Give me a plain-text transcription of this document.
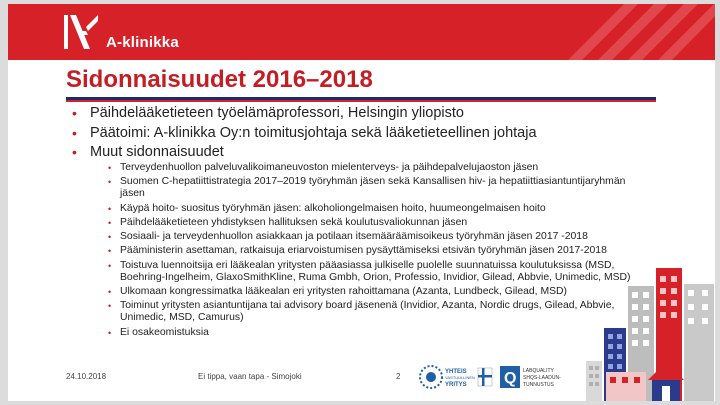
A-klinikka
Sidonnaisuudet 2016–2018
• Päihdelääketieteen työelämäprofessori, Helsingin yliopisto
• Päätoimi: A-klinikka Oy:n toimitusjohtaja sekä lääketieteellinen johtaja
• Muut sidonnaisuudet
• Terveydenhuollon palveluvalikoimaneuvoston mielenterveys- ja päihdepalvelujaoston jäsen
• Suomen C-hepatiittistrategia 2017–2019 työryhmän jäsen sekä Kansallisen hiv- ja hepatiittiasiantuntijaryhmän jäsen
• Käypä hoito- suositus työryhmän jäsen: alkoholiongelmaisen hoito, huumeongelmaisen hoito
• Päihdelääketieteen yhdistyksen hallituksen sekä koulutusvaliokunnan jäsen
• Sosiaali- ja terveydenhuollon asiakkaan ja potilaan itsemääräämisoikeus työryhmän jäsen 2017 -2018
• Pääministerin asettaman, ratkaisuja eriarvoistumisen pysäyttämiseksi etsivän työryhmän jäsen 2017-2018
• Toistuva luennoitsija eri lääkealan yritysten pääasiassa julkiselle puolelle suunnatuissa koulutuksissa (MSD, Boehring-Ingelheim, GlaxoSmithKline, Ruma Gmbh, Orion, Professio, Invidior, Gilead, Abbvie, Unimedic, MSD)
• Ulkomaan kongressimatka lääkealan eri yritysten rahoittamana (Azanta, Lundbeck, Gilead, MSD)
• Toiminut yritysten asiantuntijana tai advisory board jäsenenä (Invidior, Azanta, Nordic drugs, Gilead, Abbvie, Unimedic, MSD, Camurus)
• Ei osakeomistuksia
24.10.2018	Ei tippa, vaan tapa - Simojoki	2	YHTEIS
VASTUULLINEN
YRITYS Q LABQUALITY
SHQS-LAADUN-
TUNNUSTUS
